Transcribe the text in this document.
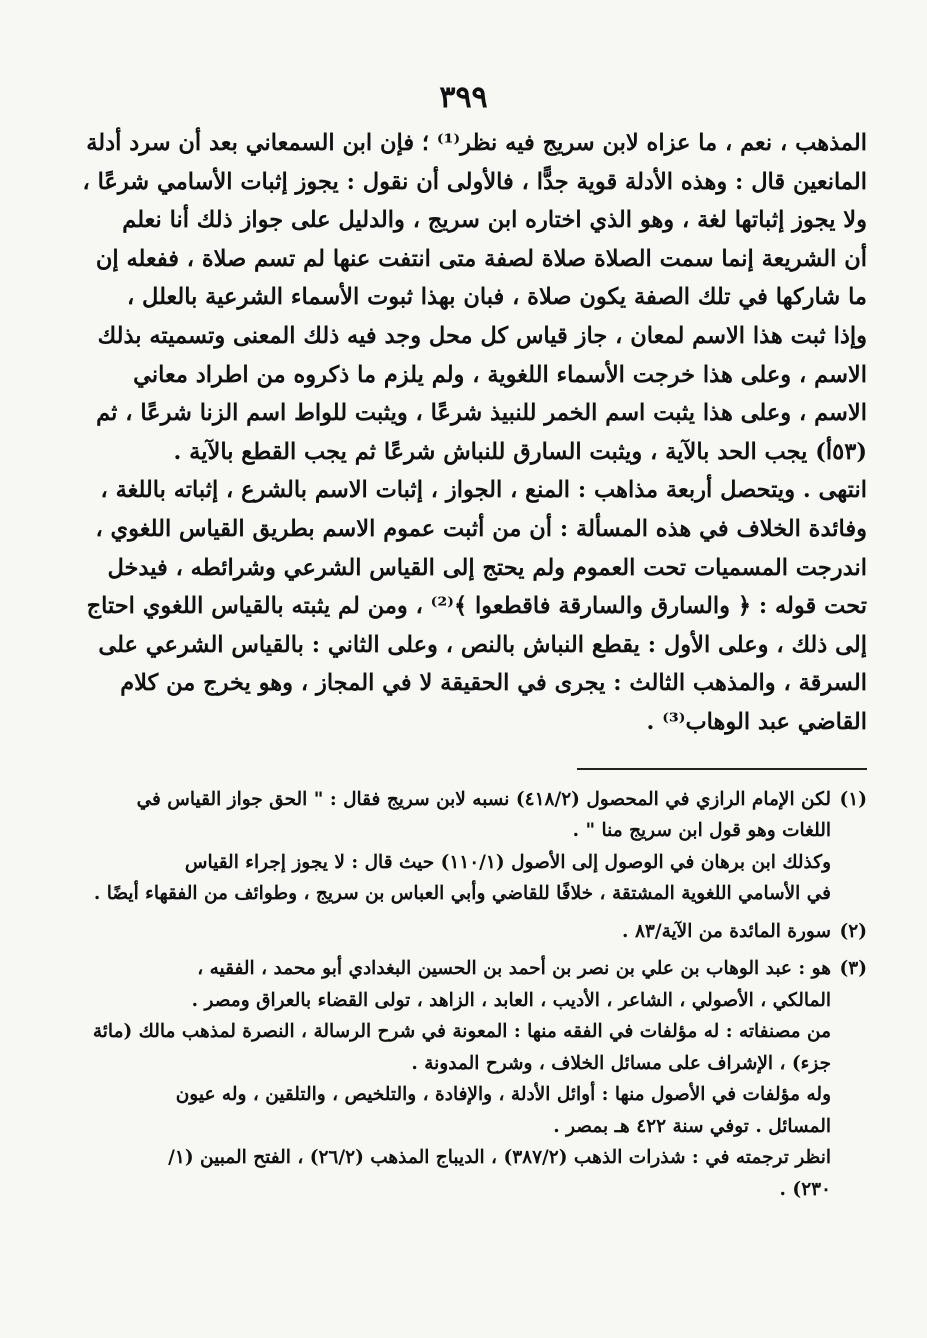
٣٩٩
المذهب ، نعم ، ما عزاه لابن سريج فيه نظر⁽¹⁾ ؛ فإن ابن السمعاني بعد أن سرد أدلة
المانعين قال : وهذه الأدلة قوية جدًّا ، فالأولى أن نقول : يجوز إثبات الأسامي شرعًا ،
ولا يجوز إثباتها لغة ، وهو الذي اختاره ابن سريج ، والدليل على جواز ذلك أنا نعلم
أن الشريعة إنما سمت الصلاة صلاة لصفة متى انتفت عنها لم تسم صلاة ، ففعله إن
ما شاركها في تلك الصفة يكون صلاة ، فبان بهذا ثبوت الأسماء الشرعية بالعلل ،
وإذا ثبت هذا الاسم لمعان ، جاز قياس كل محل وجد فيه ذلك المعنى وتسميته بذلك
الاسم ، وعلى هذا خرجت الأسماء اللغوية ، ولم يلزم ما ذكروه من اطراد معاني
الاسم ، وعلى هذا يثبت اسم الخمر للنبيذ شرعًا ، ويثبت للواط اسم الزنا شرعًا ، ثم
(٥٣أ) يجب الحد بالآية ، ويثبت السارق للنباش شرعًا ثم يجب القطع بالآية .
انتهى . ويتحصل أربعة مذاهب : المنع ، الجواز ، إثبات الاسم بالشرع ، إثباته باللغة ،
وفائدة الخلاف في هذه المسألة : أن من أثبت عموم الاسم بطريق القياس اللغوي ،
اندرجت المسميات تحت العموم ولم يحتج إلى القياس الشرعي وشرائطه ، فيدخل
تحت قوله : ﴿ والسارق والسارقة فاقطعوا ﴾⁽²⁾ ، ومن لم يثبته بالقياس اللغوي احتاج
إلى ذلك ، وعلى الأول : يقطع النباش بالنص ، وعلى الثاني : بالقياس الشرعي على
السرقة ، والمذهب الثالث : يجرى في الحقيقة لا في المجاز ، وهو يخرج من كلام
القاضي عبد الوهاب⁽³⁾ .
(١)
لكن الإمام الرازي في المحصول (٤١٨/٢) نسبه لابن سريج فقال : " الحق جواز القياس في
اللغات وهو قول ابن سريج منا " .
وكذلك ابن برهان في الوصول إلى الأصول (١١٠/١) حيث قال : لا يجوز إجراء القياس
في الأسامي اللغوية المشتقة ، خلافًا للقاضي وأبي العباس بن سريج ، وطوائف من الفقهاء أيضًا .
(٢)
سورة المائدة من الآية/٨٣ .
(٣)
هو : عبد الوهاب بن علي بن نصر بن أحمد بن الحسين البغدادي أبو محمد ، الفقيه ،
المالكي ، الأصولي ، الشاعر ، الأديب ، العابد ، الزاهد ، تولى القضاء بالعراق ومصر .
من مصنفاته : له مؤلفات في الفقه منها : المعونة في شرح الرسالة ، النصرة لمذهب مالك (مائة
جزء) ، الإشراف على مسائل الخلاف ، وشرح المدونة .
وله مؤلفات في الأصول منها : أوائل الأدلة ، والإفادة ، والتلخيص ، والتلقين ، وله عيون
المسائل . توفي سنة ٤٢٢ هـ بمصر .
انظر ترجمته في : شذرات الذهب (٣٨٧/٢) ، الديباج المذهب (٢٦/٢) ، الفتح المبين (١/
٢٣٠) .
